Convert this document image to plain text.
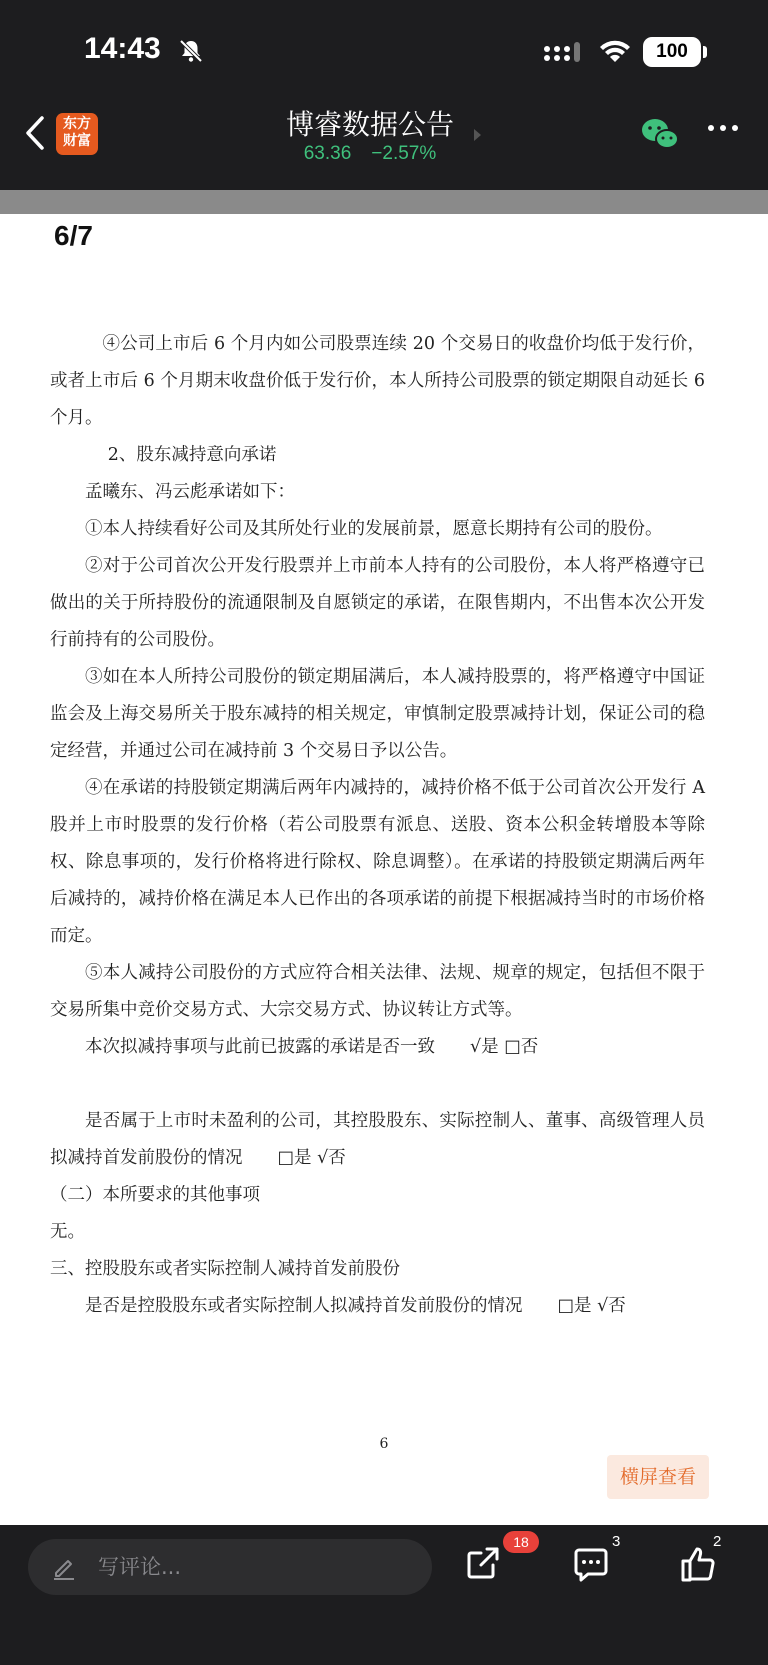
14:43	100
东方
财富	博睿数据公告
63.36 −2.57%
6/7

④公司上市后 6 个月内如公司股票连续 20 个交易日的收盘价均低于发行价，或者上市后 6 个月期末收盘价低于发行价，本人所持公司股票的锁定期限自动延长 6 个月。

2、股东减持意向承诺

孟曦东、冯云彪承诺如下：

①本人持续看好公司及其所处行业的发展前景，愿意长期持有公司的股份。

②对于公司首次公开发行股票并上市前本人持有的公司股份，本人将严格遵守已做出的关于所持股份的流通限制及自愿锁定的承诺，在限售期内，不出售本次公开发行前持有的公司股份。

③如在本人所持公司股份的锁定期届满后，本人减持股票的，将严格遵守中国证监会及上海交易所关于股东减持的相关规定，审慎制定股票减持计划，保证公司的稳定经营，并通过公司在减持前 3 个交易日予以公告。

④在承诺的持股锁定期满后两年内减持的，减持价格不低于公司首次公开发行 A 股并上市时股票的发行价格（若公司股票有派息、送股、资本公积金转增股本等除权、除息事项的，发行价格将进行除权、除息调整）。在承诺的持股锁定期满后两年后减持的，减持价格在满足本人已作出的各项承诺的前提下根据减持当时的市场价格而定。

⑤本人减持公司股份的方式应符合相关法律、法规、规章的规定，包括但不限于交易所集中竞价交易方式、大宗交易方式、协议转让方式等。

本次拟减持事项与此前已披露的承诺是否一致　　√是 □否

是否属于上市时未盈利的公司，其控股股东、实际控制人、董事、高级管理人员拟减持首发前股份的情况　　□是 √否

（二）本所要求的其他事项

无。

三、控股股东或者实际控制人减持首发前股份

是否是控股股东或者实际控制人拟减持首发前股份的情况　　□是 √否

6
横屏查看
写评论...
18	3	2
